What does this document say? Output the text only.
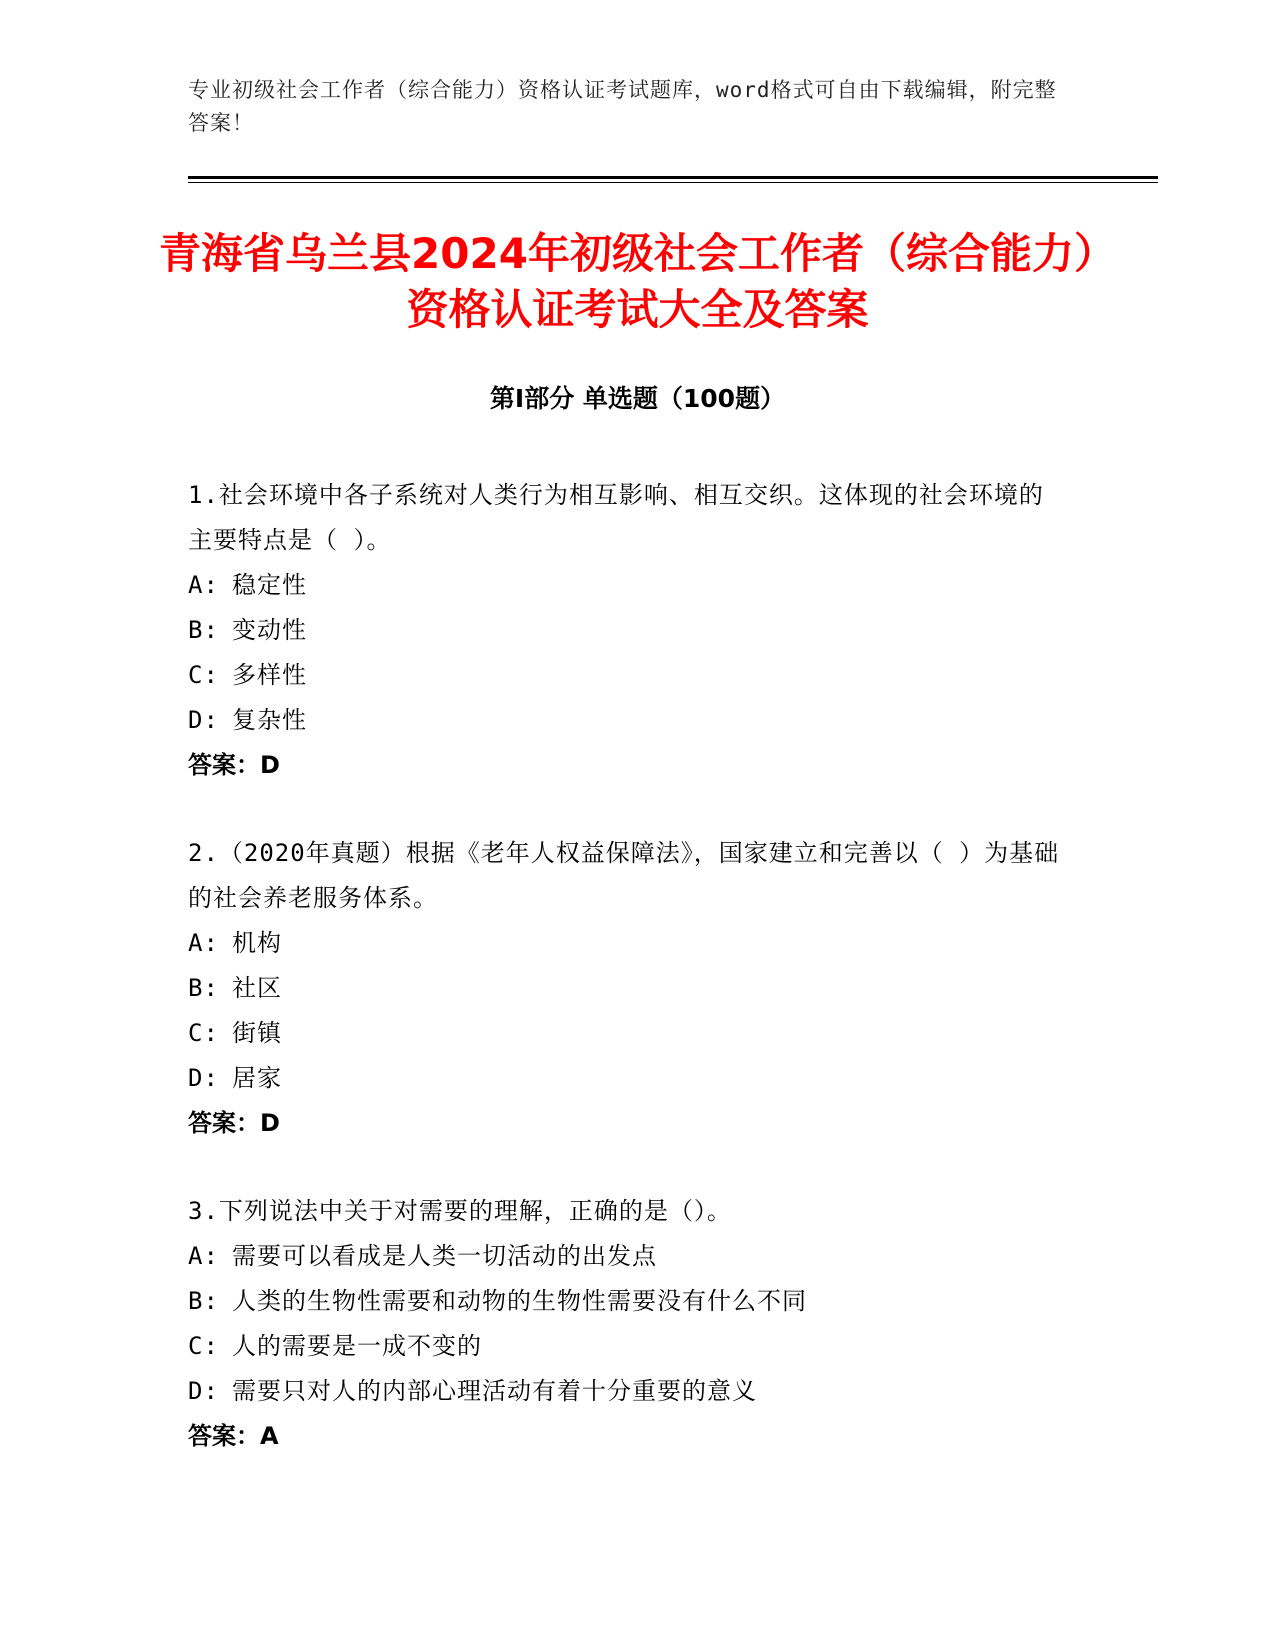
专业初级社会工作者（综合能力）资格认证考试题库，word格式可自由下载编辑，附完整答案！
青海省乌兰县2024年初级社会工作者（综合能力）资格认证考试大全及答案
第Ⅰ部分 单选题（100题）
1.社会环境中各子系统对人类行为相互影响、相互交织。这体现的社会环境的主要特点是（ ）。
A: 稳定性
B: 变动性
C: 多样性
D: 复杂性
答案：D
2.（2020年真题）根据《老年人权益保障法》，国家建立和完善以（ ）为基础的社会养老服务体系。
A: 机构
B: 社区
C: 街镇
D: 居家
答案：D
3.下列说法中关于对需要的理解，正确的是（）。
A: 需要可以看成是人类一切活动的出发点
B: 人类的生物性需要和动物的生物性需要没有什么不同
C: 人的需要是一成不变的
D: 需要只对人的内部心理活动有着十分重要的意义
答案：A
